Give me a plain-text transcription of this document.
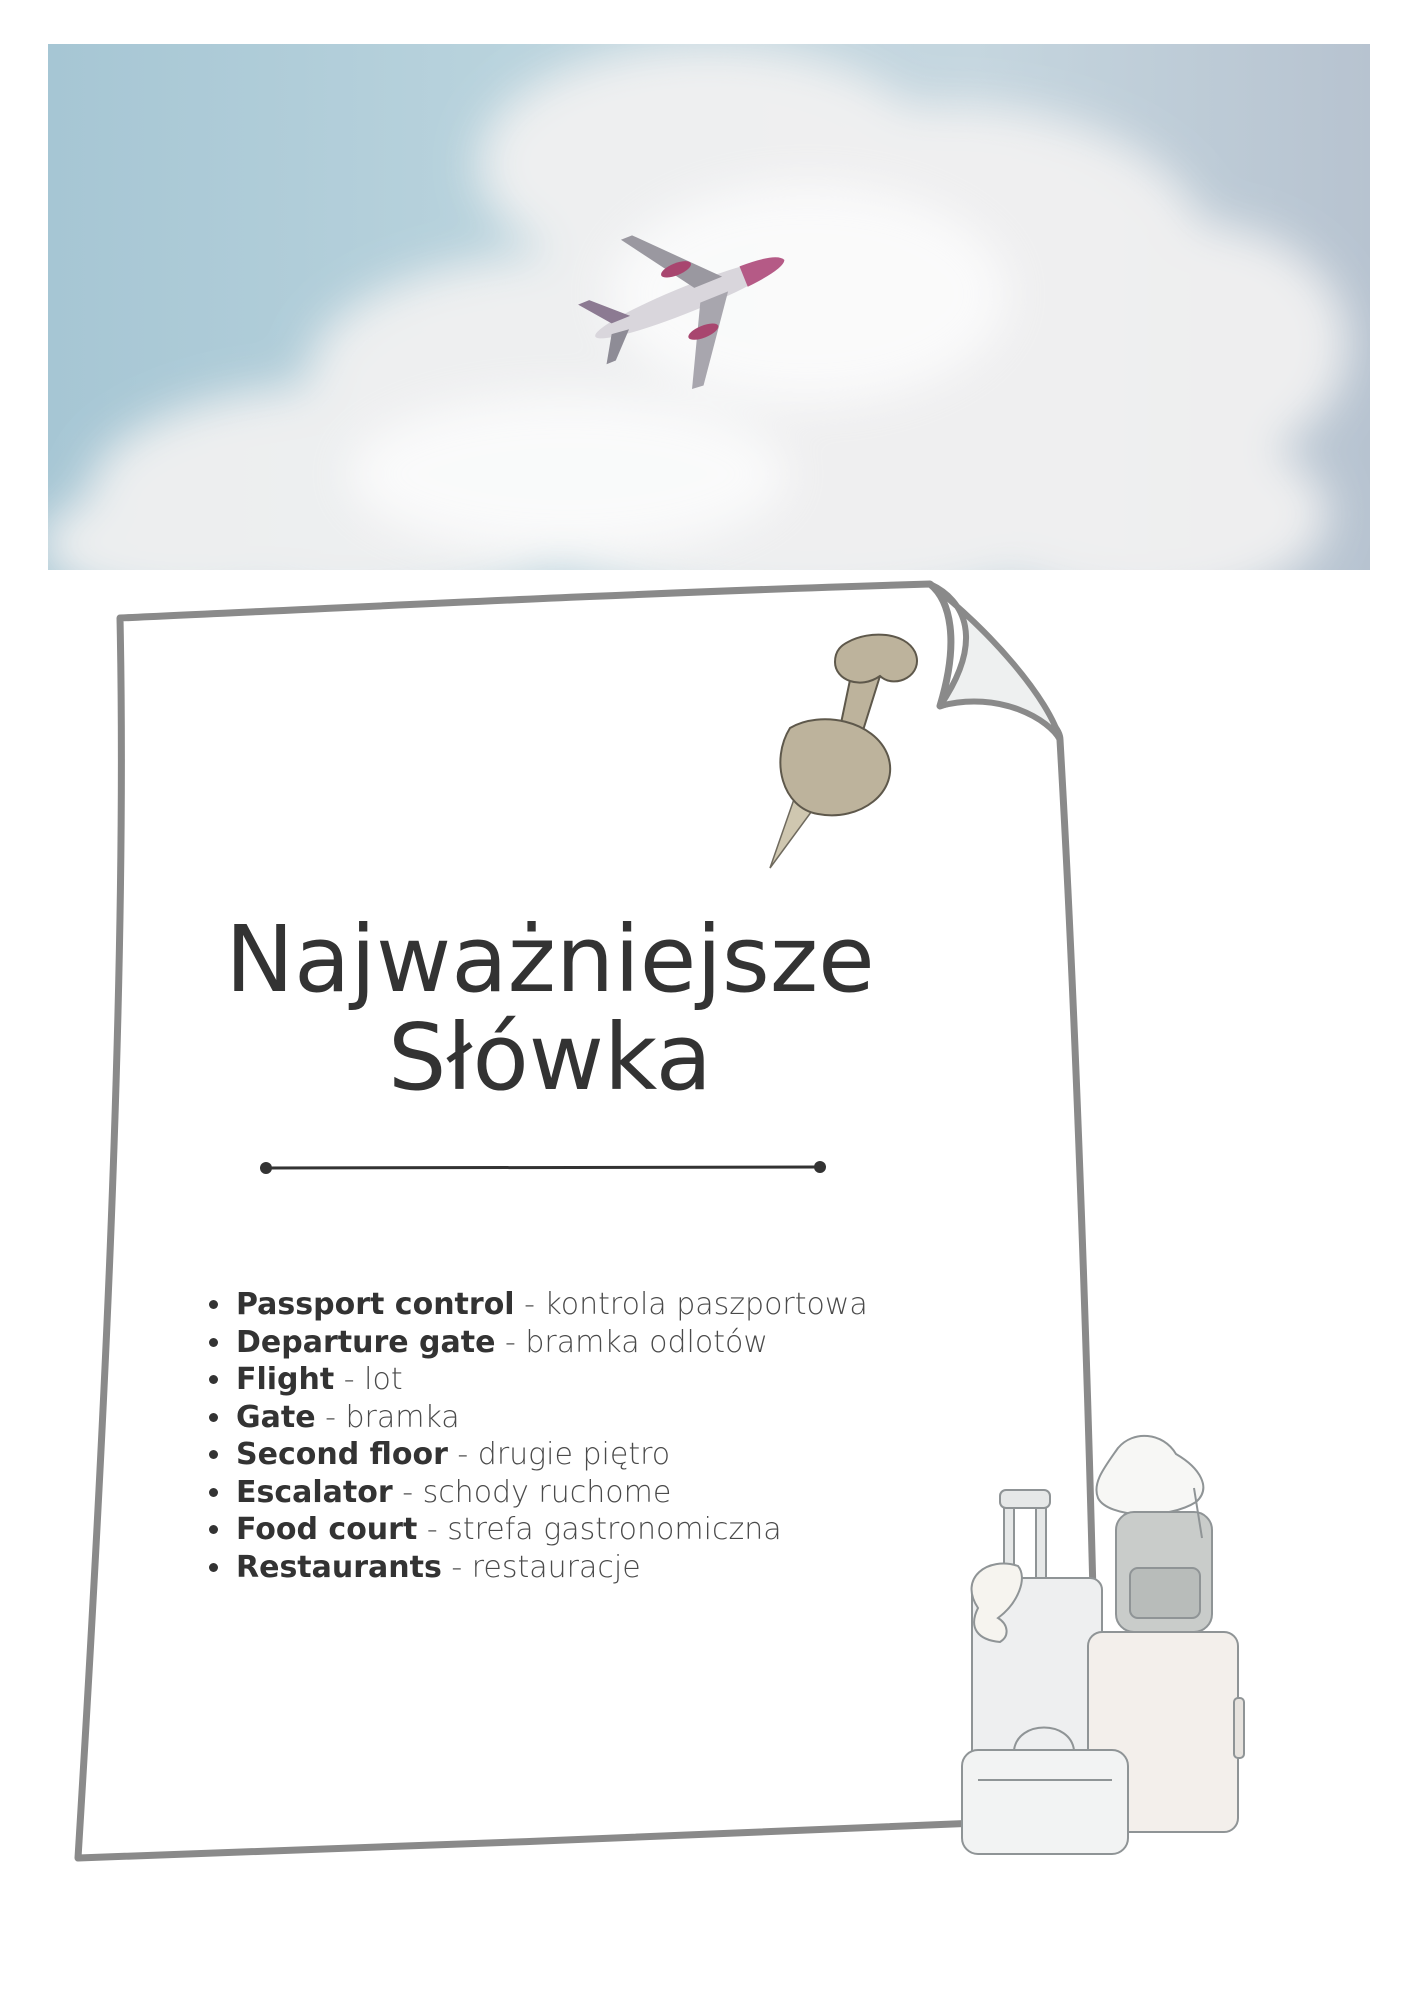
Najważniejsze
Słówka
• Passport control - kontrola paszportowa
• Departure gate - bramka odlotów
• Flight - lot
• Gate - bramka
• Second floor - drugie piętro
• Escalator - schody ruchome
• Food court - strefa gastronomiczna
• Restaurants - restauracje
